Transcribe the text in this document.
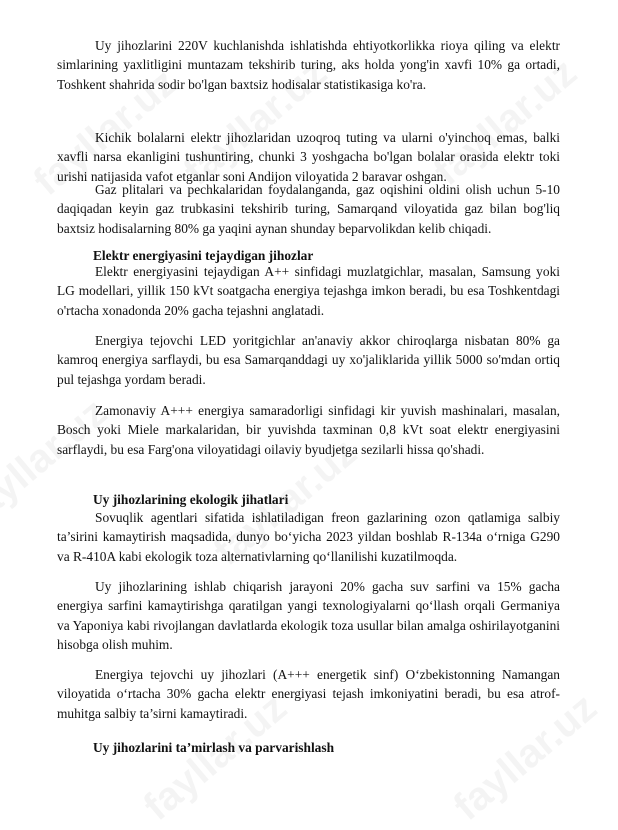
Uy jihozlarini 220V kuchlanishda ishlatishda ehtiyotkorlikka rioya qiling va elektr simlarining yaxlitligini muntazam tekshirib turing, aks holda yong'in xavfi 10% ga ortadi, Toshkent shahrida sodir bo'lgan baxtsiz hodisalar statistikasiga ko'ra.

Kichik bolalarni elektr jihozlaridan uzoqroq tuting va ularni o'yinchoq emas, balki xavfli narsa ekanligini tushuntiring, chunki 3 yoshgacha bo'lgan bolalar orasida elektr toki urishi natijasida vafot etganlar soni Andijon viloyatida 2 baravar oshgan.

Gaz plitalari va pechkalaridan foydalanganda, gaz oqishini oldini olish uchun 5-10 daqiqadan keyin gaz trubkasini tekshirib turing, Samarqand viloyatida gaz bilan bog'liq baxtsiz hodisalarning 80% ga yaqini aynan shunday beparvolikdan kelib chiqadi.

Elektr energiyasini tejaydigan jihozlar

Elektr energiyasini tejaydigan A++ sinfidagi muzlatgichlar, masalan, Samsung yoki LG modellari, yillik 150 kVt soatgacha energiya tejashga imkon beradi, bu esa Toshkentdagi o'rtacha xonadonda 20% gacha tejashni anglatadi.

Energiya tejovchi LED yoritgichlar an'anaviy akkor chiroqlarga nisbatan 80% ga kamroq energiya sarflaydi, bu esa Samarqanddagi uy xo'jaliklarida yillik 5000 so'mdan ortiq pul tejashga yordam beradi.

Zamonaviy A+++ energiya samaradorligi sinfidagi kir yuvish mashinalari, masalan, Bosch yoki Miele markalaridan, bir yuvishda taxminan 0,8 kVt soat elektr energiyasini sarflaydi, bu esa Farg'ona viloyatidagi oilaviy byudjetga sezilarli hissa qo'shadi.

Uy jihozlarining ekologik jihatlari

Sovuqlik agentlari sifatida ishlatiladigan freon gazlarining ozon qatlamiga salbiy ta’sirini kamaytirish maqsadida, dunyo bo‘yicha 2023 yildan boshlab R-134a o‘rniga G290 va R-410A kabi ekologik toza alternativlarning qo‘llanilishi kuzatilmoqda.

Uy jihozlarining ishlab chiqarish jarayoni 20% gacha suv sarfini va 15% gacha energiya sarfini kamaytirishga qaratilgan yangi texnologiyalarni qo‘llash orqali Germaniya va Yaponiya kabi rivojlangan davlatlarda ekologik toza usullar bilan amalga oshirilayotganini hisobga olish muhim.

Energiya tejovchi uy jihozlari (A+++ energetik sinf) O‘zbekistonning Namangan viloyatida o‘rtacha 30% gacha elektr energiyasi tejash imkoniyatini beradi, bu esa atrof-muhitga salbiy ta’sirni kamaytiradi.

Uy jihozlarini ta’mirlash va parvarishlash
